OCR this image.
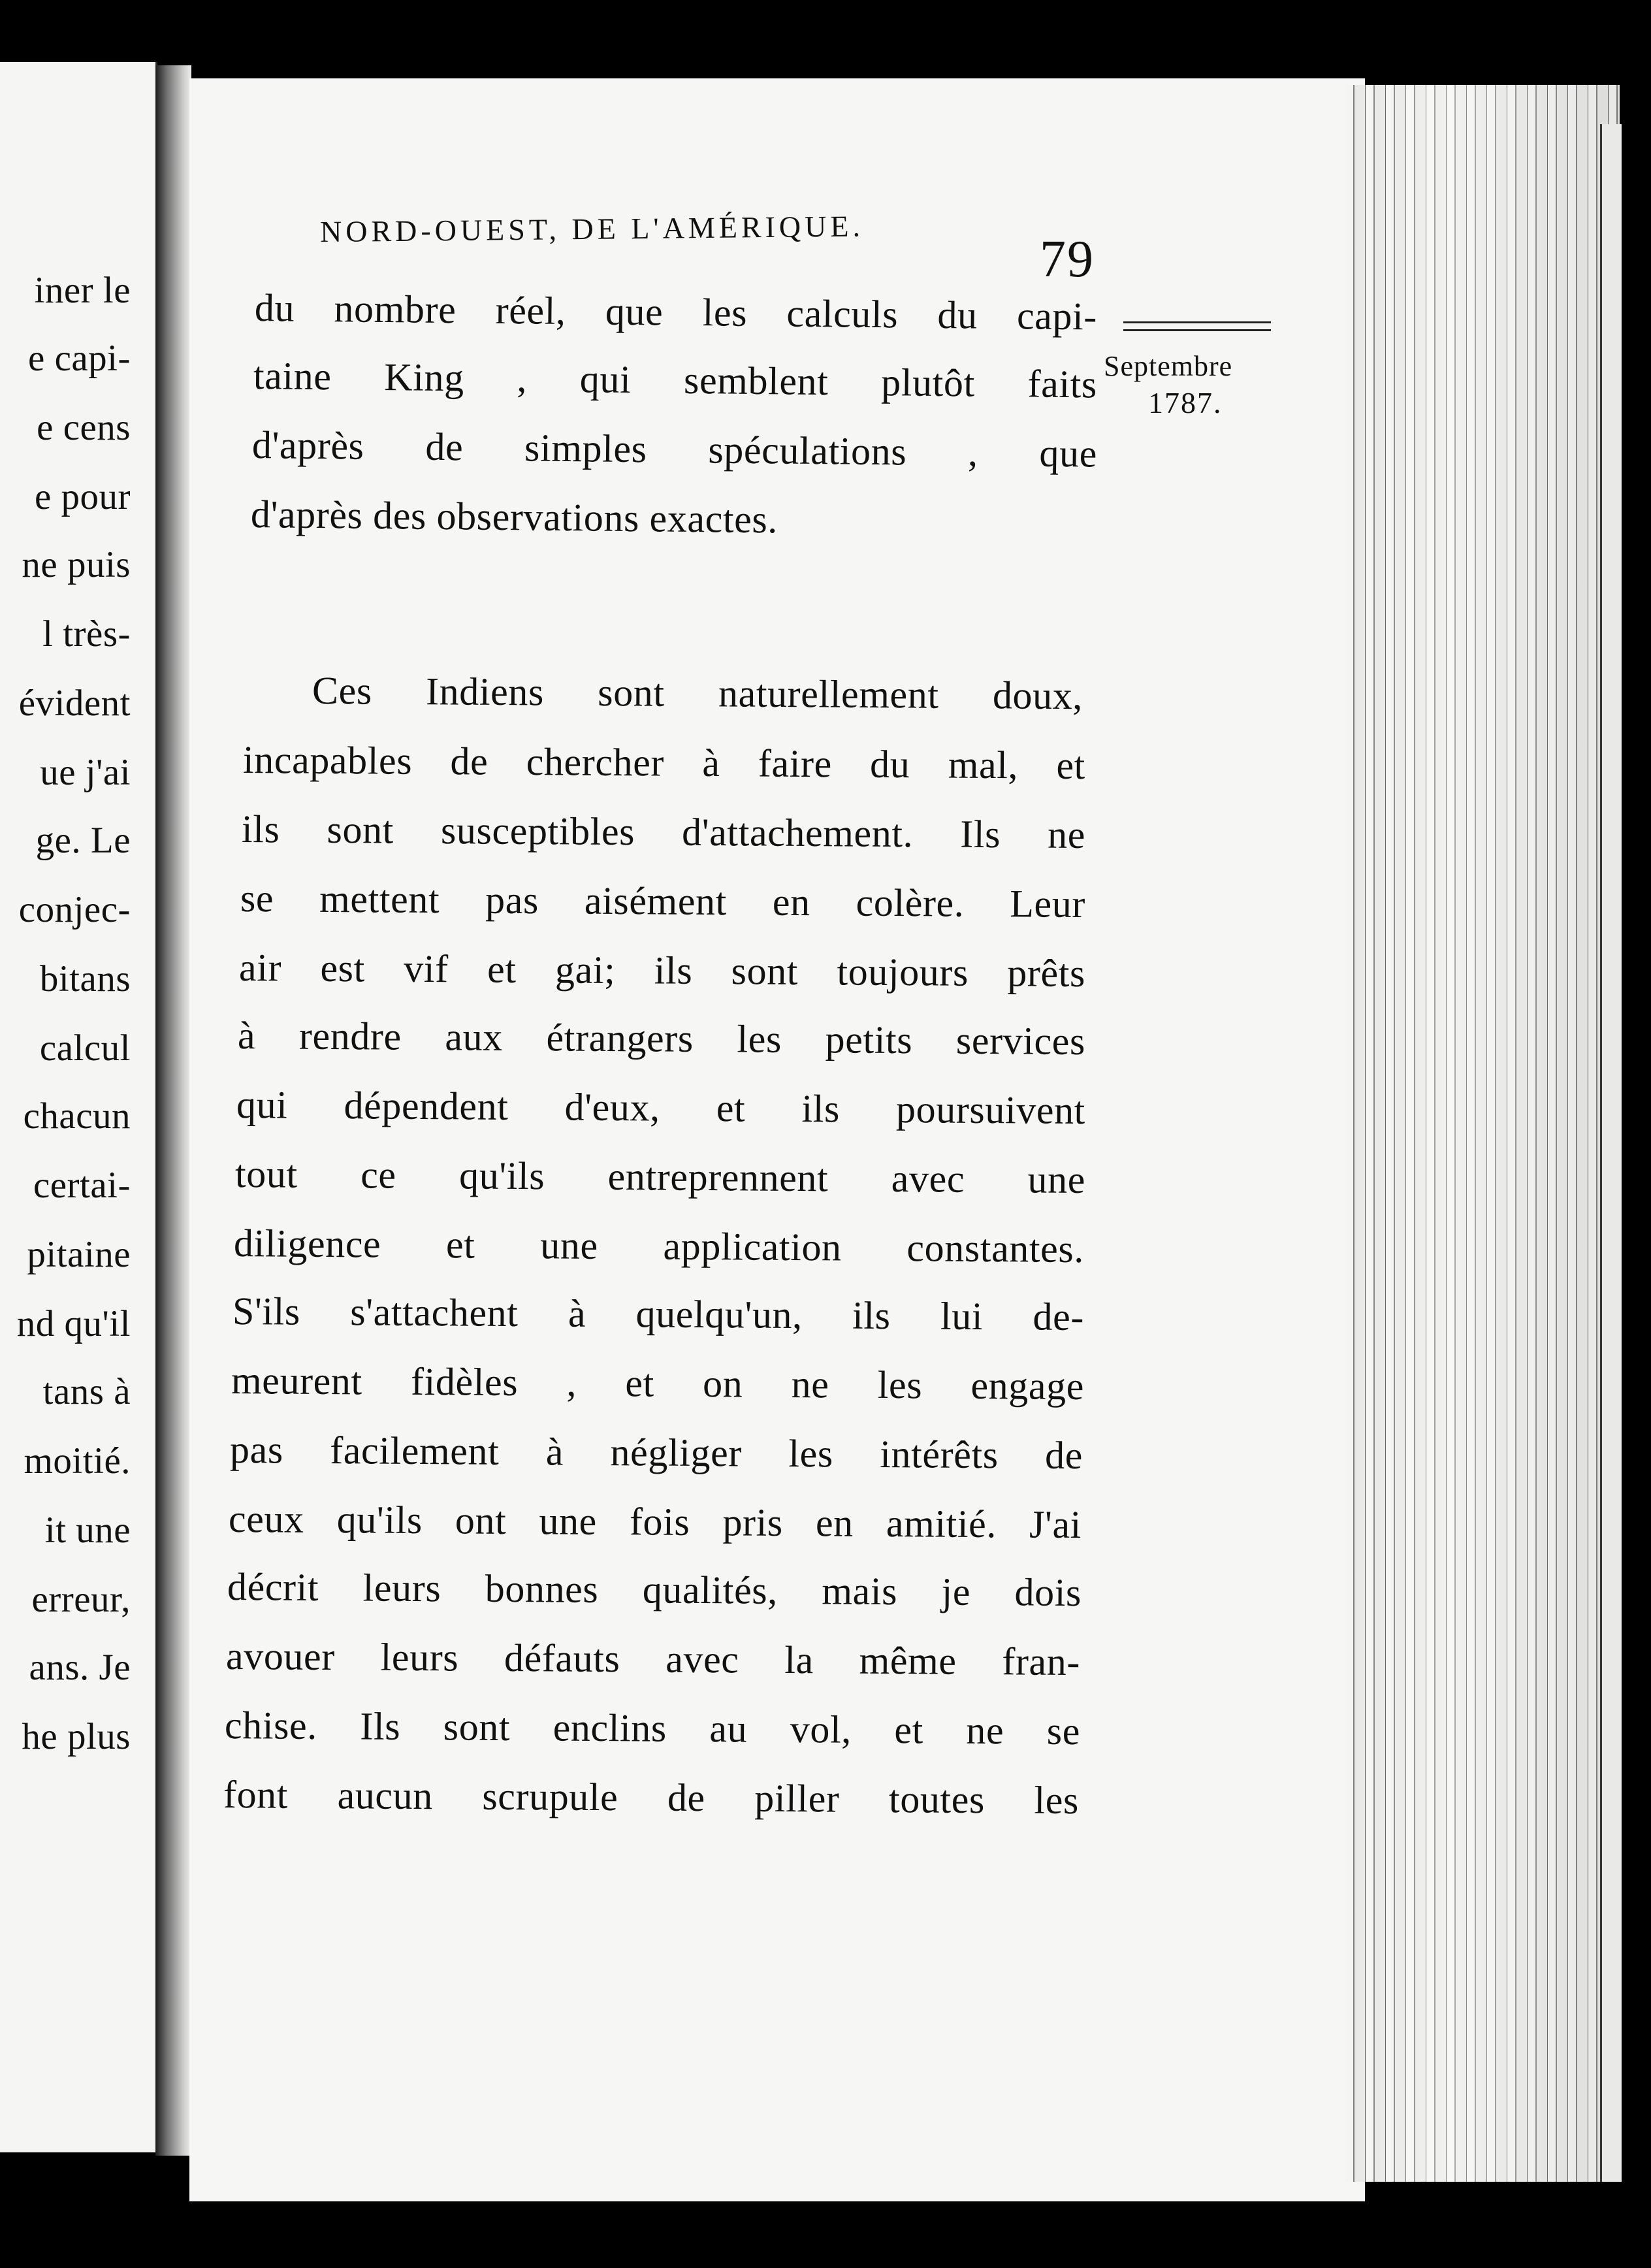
iner le
e capi-
e cens
e pour
ne puis
l très-
évident
ue j'ai
ge. Le
conjec-
bitans
calcul
chacun
certai-
pitaine
nd qu'il
tans à
moitié.
it une
erreur,
ans. Je
he plus
NORD-OUEST, DE L'AMÉRIQUE.
79
Septembre
1787.
du nombre réel, que les calculs du capi-
taine King , qui semblent plutôt faits
d'après de simples spéculations , que
d'après des observations exactes.
Ces Indiens sont naturellement doux,
incapables de chercher à faire du mal, et
ils sont susceptibles d'attachement. Ils ne
se mettent pas aisément en colère. Leur
air est vif et gai; ils sont toujours prêts
à rendre aux étrangers les petits services
qui dépendent d'eux, et ils poursuivent
tout ce qu'ils entreprennent avec une
diligence et une application constantes.
S'ils s'attachent à quelqu'un, ils lui de-
meurent fidèles , et on ne les engage
pas facilement à négliger les intérêts de
ceux qu'ils ont une fois pris en amitié. J'ai
décrit leurs bonnes qualités, mais je dois
avouer leurs défauts avec la même fran-
chise. Ils sont enclins au vol, et ne se
font aucun scrupule de piller toutes les
